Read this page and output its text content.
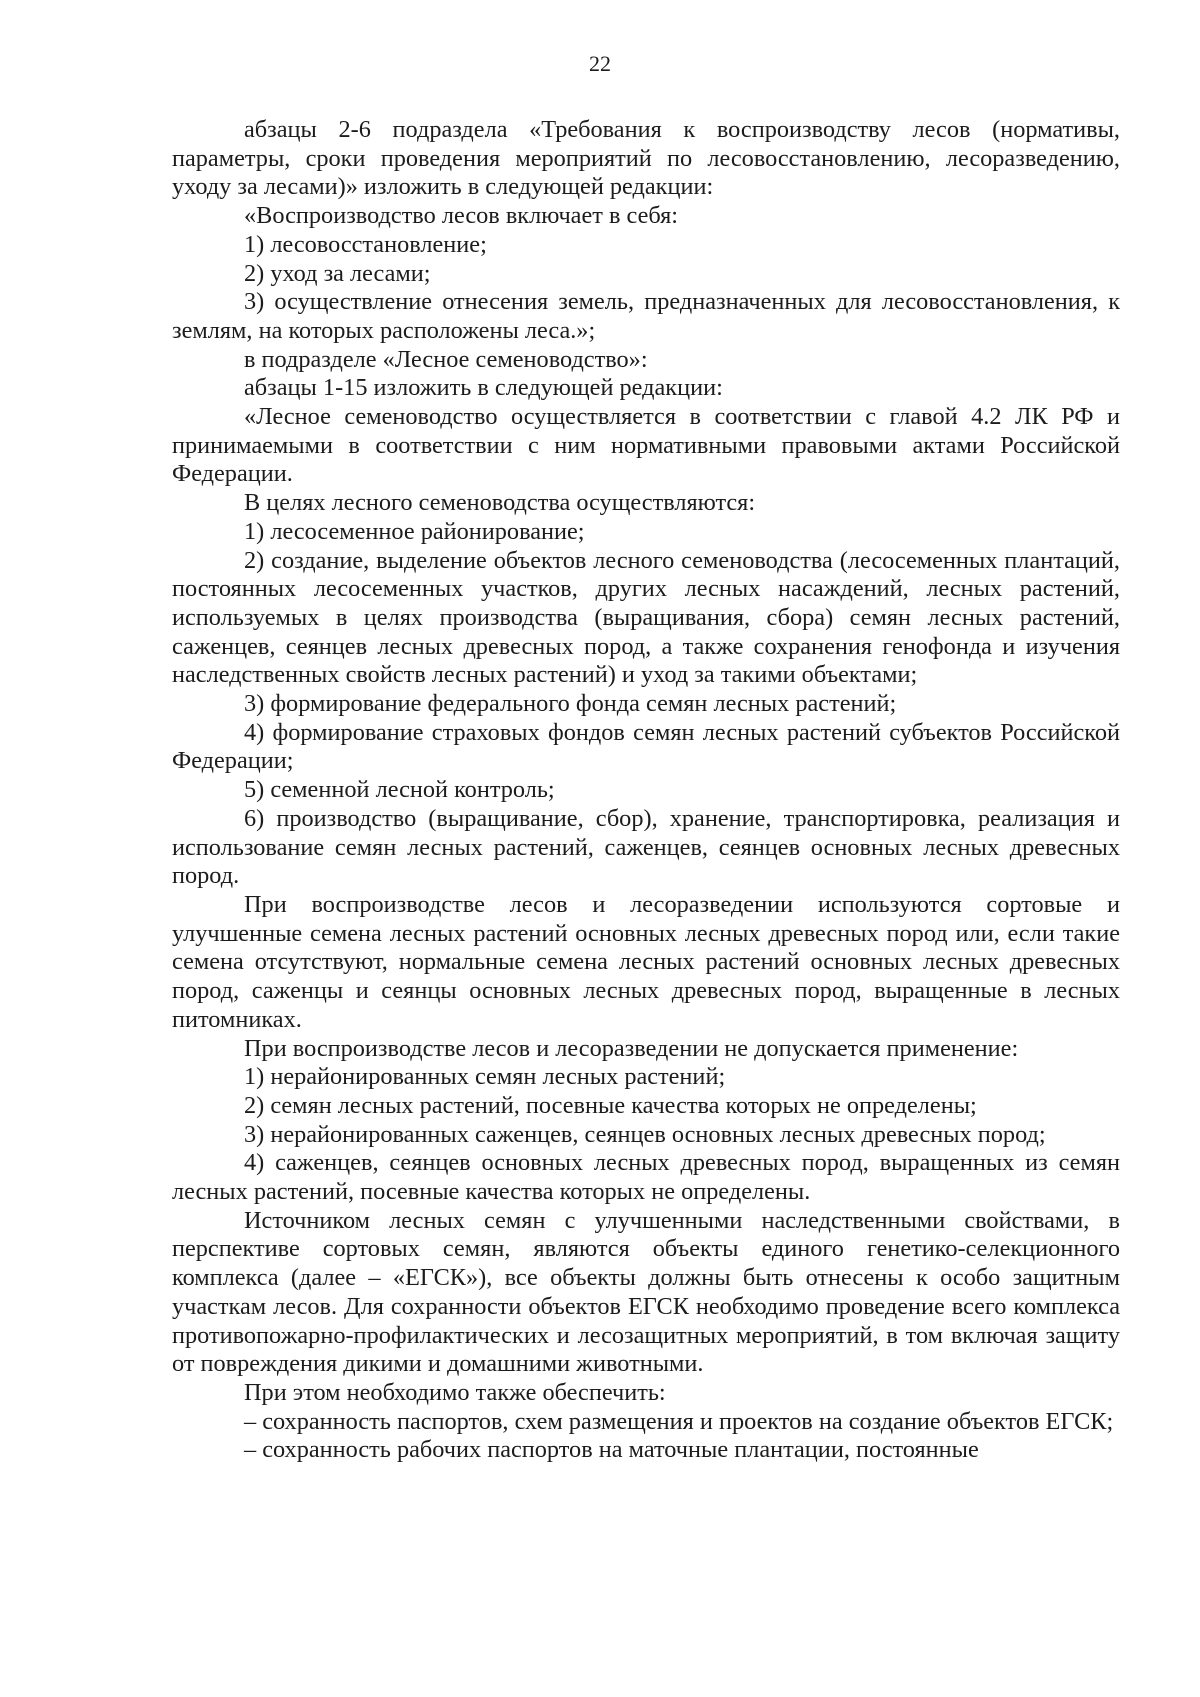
22

абзацы 2-6 подраздела «Требования к воспроизводству лесов (нормативы, параметры, сроки проведения мероприятий по лесовосстановлению, лесоразведению, уходу за лесами)» изложить в следующей редакции:

«Воспроизводство лесов включает в себя:

1) лесовосстановление;

2) уход за лесами;

3) осуществление отнесения земель, предназначенных для лесовосстановления, к землям, на которых расположены леса.»;

в подразделе «Лесное семеноводство»:

абзацы 1-15 изложить в следующей редакции:

«Лесное семеноводство осуществляется в соответствии с главой 4.2 ЛК РФ и принимаемыми в соответствии с ним нормативными правовыми актами Российской Федерации.

В целях лесного семеноводства осуществляются:

1) лесосеменное районирование;

2) создание, выделение объектов лесного семеноводства (лесосеменных плантаций, постоянных лесосеменных участков, других лесных насаждений, лесных растений, используемых в целях производства (выращивания, сбора) семян лесных растений, саженцев, сеянцев лесных древесных пород, а также сохранения генофонда и изучения наследственных свойств лесных растений) и уход за такими объектами;

3) формирование федерального фонда семян лесных растений;

4) формирование страховых фондов семян лесных растений субъектов Российской Федерации;

5) семенной лесной контроль;

6) производство (выращивание, сбор), хранение, транспортировка, реализация и использование семян лесных растений, саженцев, сеянцев основных лесных древесных пород.

При воспроизводстве лесов и лесоразведении используются сортовые и улучшенные семена лесных растений основных лесных древесных пород или, если такие семена отсутствуют, нормальные семена лесных растений основных лесных древесных пород, саженцы и сеянцы основных лесных древесных пород, выращенные в лесных питомниках.

При воспроизводстве лесов и лесоразведении не допускается применение:

1) нерайонированных семян лесных растений;

2) семян лесных растений, посевные качества которых не определены;

3) нерайонированных саженцев, сеянцев основных лесных древесных пород;

4) саженцев, сеянцев основных лесных древесных пород, выращенных из семян лесных растений, посевные качества которых не определены.

Источником лесных семян с улучшенными наследственными свойствами, в перспективе сортовых семян, являются объекты единого генетико-селекционного комплекса (далее – «ЕГСК»), все объекты должны быть отнесены к особо защитным участкам лесов. Для сохранности объектов ЕГСК необходимо проведение всего комплекса противопожарно-профилактических и лесозащитных мероприятий, в том включая защиту от повреждения дикими и домашними животными.

При этом необходимо также обеспечить:

– сохранность паспортов, схем размещения и проектов на создание объектов ЕГСК;

– сохранность рабочих паспортов на маточные плантации, постоянные
